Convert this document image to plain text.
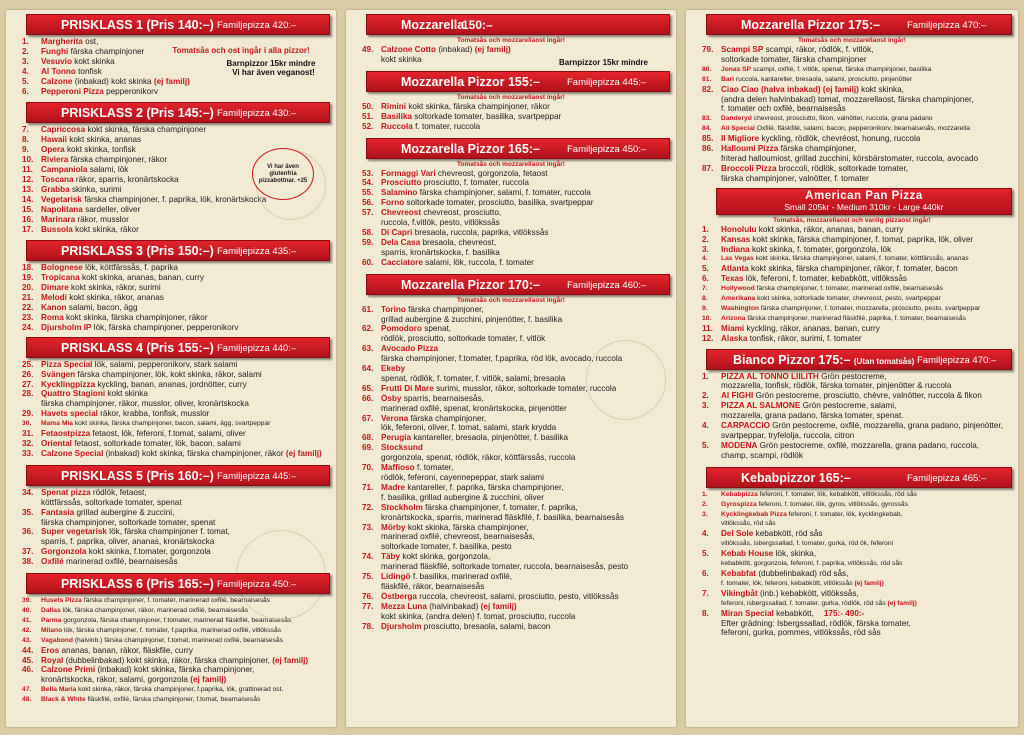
PRISKLASS 1 (Pris 140:–) Familjepizza 420:–
Tomatsås och ost ingår i alla pizzor!
Barnpizzor 15kr mindre
Vi har även veganost!
1. Margherita ost,
2. Funghi färska champinjoner
3. Vesuvio kokt skinka
4. Al Tonno tonfisk
5. Calzone (inbakad) kokt skinka (ej familj)
6. Pepperoni Pizza pepperonikorv
PRISKLASS 2 (Pris 145:–) Familjepizza 430:–
Vi har även glutenfria pizzabottnar. +25
7. Capriccosa kokt skinka, färska champinjoner
8. Hawaii kokt skinka, ananas
9. Opera kokt skinka, tonfisk
10. Riviera färska champinjoner, räkor
11. Campaniola salami, lök
12. Toscana räkor, sparris, kronärtskocka
13. Grabba skinka, surimi
14. Vegetarisk färska champinjoner, f. paprika, lök, kronärtskocka
15. Napolitana sardeller, oliver
16. Marinara räkor, musslor
17. Bussola kokt skinka, räkor
PRISKLASS 3 (Pris 150:–) Familjepizza 435:–
18. Bolognese lök, köttfärssås, f. paprika
19. Tropicana kokt skinka, ananas, banan, curry
20. Dimare kokt skinka, räkor, surimi
21. Melodi kokt skinka, räkor, ananas
22. Kanon salami, bacon, ägg
23. Roma kokt skinka, färska champinjoner, räkor
24. Djursholm IP lök, färska champinjoner, pepperonikorv
PRISKLASS 4 (Pris 155:–) Familjepizza 440:–
25. Pizza Special lök, salami, pepperonikorv, stark salami
26. Svängen färska champinjoner, lök, kokt skinka, räkor, salami
27. Kycklingpizza kyckling, banan, ananas, jordnötter, curry
28. Quattro Stagioni kokt skinka
färska champinjoner, räkor, musslor, oliver, kronärtskocka
29. Havets special räkor, krabba, tonfisk, musslor
30. Mama Mia kokt skinka, färska champinjoner, bacon, salami, ägg, svartpeppar
31. Fetaostpizza fetaost, lök, feferoni, f.tomat, salami, oliver
32. Oriental fetaost, soltorkade tomater, lök, bacon, salami
33. Calzone Special (inbakad) kokt skinka, färska champinjoner, räkor (ej familj)
PRISKLASS 5 (Pris 160:–) Familjepizza 445:–
34. Spenat pizza rödlök, fetaost,
köttfärssås, soltorkade tomater, spenat
35. Fantasia grillad aubergine & zuccini,
färska champinjoner, soltorkade tomater, spenat
36. Super vegetarisk lök, färska champinjoner f. tomat,
sparris, f. paprika, oliver, ananas, kronärtskocka
37. Gorgonzola kokt skinka, f.tomater, gorgonzola
38. Oxfilé marinerad oxfilé, bearnaisesås
PRISKLASS 6 (Pris 165:–) Familjepizza 450:–
39. Husets Pizza färska champinjoner, f. tomater, marinerad oxfilé, bearnaisesås
40. Dallas lök, färska champinjoner, räkor, marinerad oxfilé, bearnaisesås
41. Parma gorgonzola, färska champinjoner, f.tomater, marinerad fläskfilé, bearnaisesås
42. Milano lök, färska champinjoner, f. tomater, f.paprika, marinerad oxfilé, vitlökssås
43. Vagabond (halvinb.) färska champinjoner, f.tomat, marinerad oxfilé, bearnaisesås
44. Eros ananas, banan, räkor, fläskfile, curry
45. Royal (dubbelinbakad) kokt skinka, räkor, färska champinjoner, (ej familj)
46. Calzone Primi (inbakad) kokt skinka, färska champinjoner,
kronärtskocka, räkor, salami, gorgonzola (ej familj)
47. Bella Maria kokt skinka, räkor, färska champinjoner, f.paprika, lök, grattinerad ost.
48. Black & White fläskfilé, oxfilé, färska champinjoner, f.tomat, bearnaisesås
Mozzarella
150:–
Tomatsås och mozzarellaost ingår!
Barnpizzor 15kr mindre
49. Calzone Cotto (inbakad) (ej familj)
kokt skinka
Mozzarella Pizzor 155:–	Familjepizza 445:–
Tomatsås och mozzarellaost ingår!
50. Rimini kokt skinka, färska champinjoner, räkor
51. Basilika soltorkade tomater, basilika, svartpeppar
52. Ruccola f. tomater, ruccola
Mozzarella Pizzor 165:–	Familjepizza 450:–
Tomatsås och mozzarellaost ingår!
53. Formaggi Vari chevreost, gorgonzola, fetaost
54. Prosciutto prosciutto, f. tomater, ruccola
55. Salamino färska champinjoner, salami, f. tomater, ruccola
56. Forno soltorkade tomater, prosciutto, basilika, svartpeppar
57. Chevreost chevreost, prosciutto,
ruccola, f.vitlök, pesto, vitlökssås
58. Di Capri bresaola, ruccola, paprika, vitlökssås
59. Dela Casa bresaola, chevreost,
sparris, kronärtskocka, f. basilika
60. Cacciatore salami, lök, ruccola, f. tomater
Mozzarella Pizzor 170:–	Familjepizza 460:–
Tomatsås och mozzarellaost ingår!
61. Torino färska champinjoner,
grillad aubergine & zucchini, pinjenötter, f. basilika
62. Pomodoro spenat,
rödlök, prosciutto, soltorkade tomater, f. vitlök
63. Avocado Pizza
färska champinjoner, f.tomater, f.paprika, röd lök, avocado, ruccola
64. Ekeby
spenat, rödlök, f. tomater, f. vitlök, salami, bresaola
65. Frutti Di Mare surimi, musslor, räkor, soltorkade tomater, ruccola
66. Ösby sparris, bearnaisesås,
marinerad oxfilé, spenat, kronärtskocka, pinjenötter
67. Verona färska champinjoner,
lök, feferoni, oliver, f. tomat, salami, stark krydda
68. Perugia kantareller, bresaola, pinjenötter, f. basilika
69. Stocksund
gorgonzola, spenat, rödlök, räkor, köttfärssås, ruccola
70. Maffioso f. tomater,
rödlök, feferoni, cayennepeppar, stark salami
71. Madre kantareller, f. paprika, färska champinjoner,
f. basilika, grillad aubergine & zucchini, oliver
72. Stockholm färska champinjoner, f. tomater, f. paprika,
kronärtskocka, sparris, marinerad fläskfilé, f. basilika, bearnaisesås
73. Mörby kokt skinka, färska champinjoner,
marinerad oxfilé, chevreost, bearnaisesås,
soltorkade tomater, f. basilika, pesto
74. Täby kokt skinka, gorgonzola,
marinerad fläskfilé, soltorkade tomater, ruccola, bearnaisesås, pesto
75. Lidingö f. basilika, marinerad oxfilé,
fläskfilé, räkor, bearnaisesås
76. Östberga ruccola, chevreost, salami, prosciutto, pesto, vitlökssås
77. Mezza Luna (halvinbakad) (ej familj)
kokt skinka, (andra delen) f. tomat, prosciutto, ruccola
78. Djursholm prosciutto, bresaola, salami, bacon
Mozzarella Pizzor 175:–	Familjepizza 470:–
Tomatsås och mozzarellaost ingår!
79. Scampi SP scampi, räkor, rödlök, f. vitlök,
soltorkade tomater, färska champinjoner
80. Jonas SP scampi, oxfilé, f. vitlök, spenat, färska champinjoner, basilika
81. Bari ruccola, kantareller, bresaola, salami, prosciutto, pinjenötter
82. Ciao Ciao (halva inbakad) (ej familj) kokt skinka,
(andra delen halvinbakad) tomat, mozzarellaost, färska champinjoner,
f. tomater och oxfilé, bearnaisesås
83. Danderyd chevreost, prosciutto, fikon, valnötter, ruccola, grana padano
84. Ali Special Oxfilé, fläskfilé, salami, bacon, pepperonikorv, bearnaisesås, mozzarella
85. Il Migliore kyckling, rödlök, chevréost, honung, ruccola
86. Halloumi Pizza färska champinjoner,
friterad halloumiost, grillad zucchini, körsbärstomater, ruccola, avocado
87. Broccoli Pizza broccoli, rödlök, soltorkade tomater,
färska champinjoner, valnötter, f. tomater
American Pan Pizza
Small 205kr - Medium 310kr - Large 440kr
Tomatsås, mozzarellaost och vanlig pizzaost ingår!
1. Honolulu kokt skinka, räkor, ananas, banan, curry
2. Kansas kokt skinka, färska champinjoner, f. tomat, paprika, lök, oliver
3. Indiana kokt skinka, f. tomater, gorgonzola, lök
4. Las Vegas kokt skinka, färska champinjoner, salami, f. tomater, köttfärssås, ananas
5. Atlanta kokt skinka, färska champinjoner, räkor, f. tomater, bacon
6. Texas lök, feferoni, f. tomater, kebabkött, vitlökssås
7. Hollywood färska champinjoner, f. tomater, marinerad oxfilé, bearnaisesås
8. Amerikana kokt skinka, soltorkade tomater, chevreost, pesto, svartpeppar
9. Washington färska champinjoner, f. tomater, mozzarella, prosciutto, pesto, svartpeppar
10. Arizona färska champinjoner, marinerad fläskfilé, paprika, f. tomater, bearnaisesås
11. Miami kyckling, räkor, ananas, banan, curry
12. Alaska tonfisk, räkor, surimi, f. tomater
Bianco Pizzor 175:– (Utan tomatsås) Familjepizza 470:–
1. PIZZA AL TONNO LIILITH Grön pestocreme,
mozzarella, tonfisk, rödlök, färska tomater, pinjenötter & ruccola
2. Al FIGHI Grön pestocreme, prosciutto, chèvre, valnötter, ruccola & fikon
3. PIZZA AL SALMONE Grön pestocreme, salami,
mozzarella, grana padano, färska tomater, spenat.
4. CARPACCIO Grön pestocreme, oxfilé, mozzarella, grana padano, pinjenötter,
svartpeppar, tryfelolja, ruccola, citron
5. MODENA Grön pestocreme, oxfilé, mozzarella, grana padano, ruccola,
champ, scampi, rödlök
Kebabpizzor 165:–	Familjepizza 465:–
1. Kebabpizza feferoni, f. tomater, lök, kebabkött, vitlökssås, röd sås
2. Gyrospizza feferoni, f. tomater, lök, gyros, vitlökssås, gyrossås
3. Kycklingkebab Pizza feferoni, f. tomater, lök, kycklingkebab,
vitlökssås, röd sås
4. Del Sole kebabkött, röd sås
vitlökssås, isbergssallad, f. tomater, gurka, röd ök, feferoni
5. Kebab House lök, skinka,
kebabkött, gorgonzola, feferoni, f. paprika, vitlökssås, röd sås
6. Kebabfat (dubbelinbakad) röd sås,
f. tomater, lök, feferoni, kebabkött, vitlökssås (ej familj)
7. Vikingbåt (inb.) kebabkött, vitlökssås,
feferoni, isbergssallad, f. tomater, gurka, rödlök, röd sås (ej familj)
8. Miran Special kebabkött, 175:- 490:-
Efter grädning: Isbergssallad, rödlök, färska tomater,
feferoni, gurka, pommes, vitlökssås, röd sås
